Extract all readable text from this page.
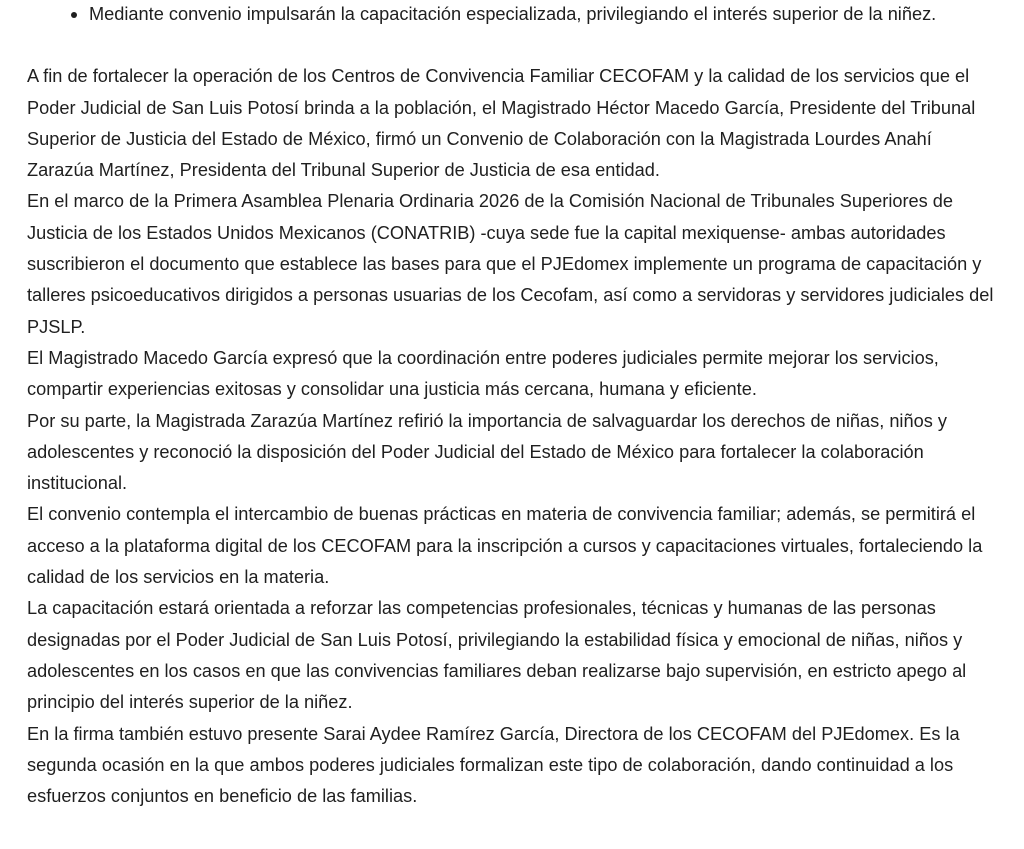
Mediante convenio impulsarán la capacitación especializada, privilegiando el interés superior de la niñez.

A fin de fortalecer la operación de los Centros de Convivencia Familiar CECOFAM y la calidad de los servicios que el Poder Judicial de San Luis Potosí brinda a la población, el Magistrado Héctor Macedo García, Presidente del Tribunal Superior de Justicia del Estado de México, firmó un Convenio de Colaboración con la Magistrada Lourdes Anahí Zarazúa Martínez, Presidenta del Tribunal Superior de Justicia de esa entidad.

En el marco de la Primera Asamblea Plenaria Ordinaria 2026 de la Comisión Nacional de Tribunales Superiores de Justicia de los Estados Unidos Mexicanos (CONATRIB) -cuya sede fue la capital mexiquense- ambas autoridades suscribieron el documento que establece las bases para que el PJEdomex implemente un programa de capacitación y talleres psicoeducativos dirigidos a personas usuarias de los Cecofam, así como a servidoras y servidores judiciales del PJSLP.

El Magistrado Macedo García expresó que la coordinación entre poderes judiciales permite mejorar los servicios, compartir experiencias exitosas y consolidar una justicia más cercana, humana y eficiente.

Por su parte, la Magistrada Zarazúa Martínez refirió la importancia de salvaguardar los derechos de niñas, niños y adolescentes y reconoció la disposición del Poder Judicial del Estado de México para fortalecer la colaboración institucional.

El convenio contempla el intercambio de buenas prácticas en materia de convivencia familiar; además, se permitirá el acceso a la plataforma digital de los CECOFAM para la inscripción a cursos y capacitaciones virtuales, fortaleciendo la calidad de los servicios en la materia.

La capacitación estará orientada a reforzar las competencias profesionales, técnicas y humanas de las personas designadas por el Poder Judicial de San Luis Potosí, privilegiando la estabilidad física y emocional de niñas, niños y adolescentes en los casos en que las convivencias familiares deban realizarse bajo supervisión, en estricto apego al principio del interés superior de la niñez.

En la firma también estuvo presente Sarai Aydee Ramírez García, Directora de los CECOFAM del PJEdomex. Es la segunda ocasión en la que ambos poderes judiciales formalizan este tipo de colaboración, dando continuidad a los esfuerzos conjuntos en beneficio de las familias.
